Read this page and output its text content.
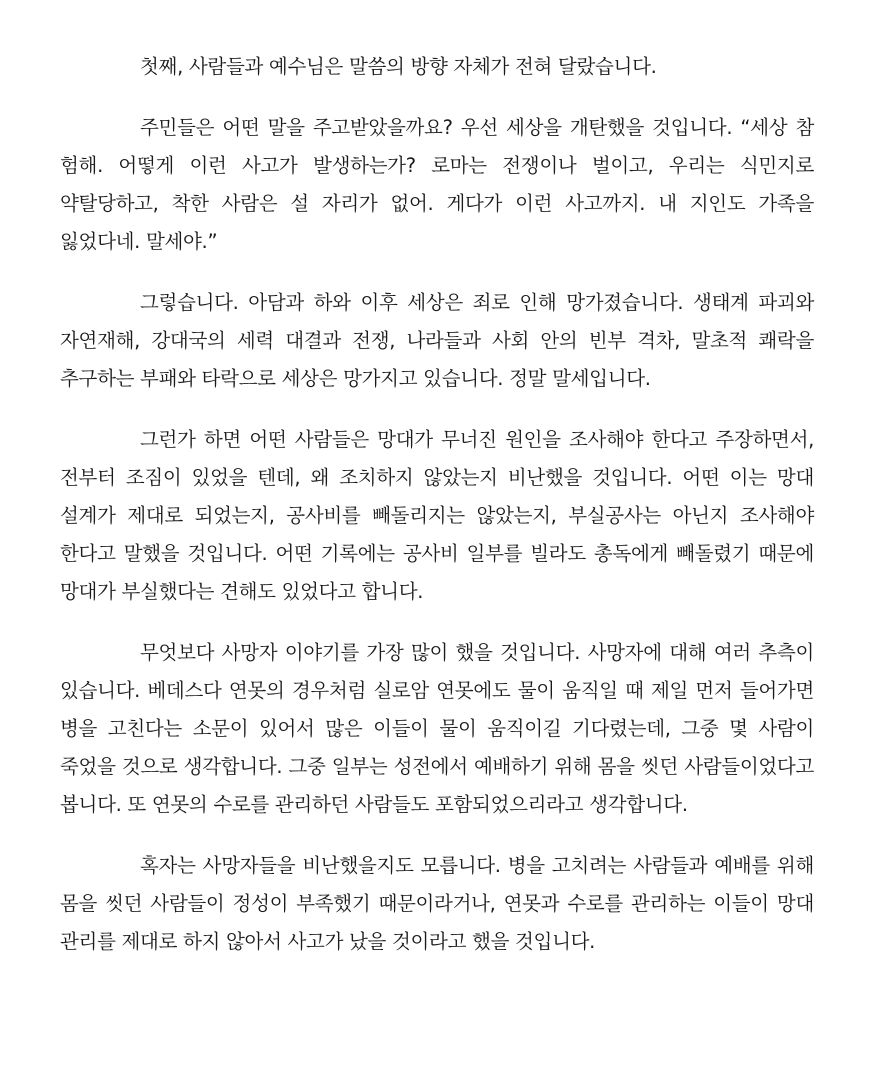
첫째, 사람들과 예수님은 말씀의 방향 자체가 전혀 달랐습니다.

주민들은 어떤 말을 주고받았을까요? 우선 세상을 개탄했을 것입니다. “세상 참 험해. 어떻게 이런 사고가 발생하는가? 로마는 전쟁이나 벌이고, 우리는 식민지로 약탈당하고, 착한 사람은 설 자리가 없어. 게다가 이런 사고까지. 내 지인도 가족을 잃었다네. 말세야.”

그렇습니다. 아담과 하와 이후 세상은 죄로 인해 망가졌습니다. 생태계 파괴와 자연재해, 강대국의 세력 대결과 전쟁, 나라들과 사회 안의 빈부 격차, 말초적 쾌락을 추구하는 부패와 타락으로 세상은 망가지고 있습니다. 정말 말세입니다.

그런가 하면 어떤 사람들은 망대가 무너진 원인을 조사해야 한다고 주장하면서, 전부터 조짐이 있었을 텐데, 왜 조치하지 않았는지 비난했을 것입니다. 어떤 이는 망대 설계가 제대로 되었는지, 공사비를 빼돌리지는 않았는지, 부실공사는 아닌지 조사해야 한다고 말했을 것입니다. 어떤 기록에는 공사비 일부를 빌라도 총독에게 빼돌렸기 때문에 망대가 부실했다는 견해도 있었다고 합니다.

무엇보다 사망자 이야기를 가장 많이 했을 것입니다. 사망자에 대해 여러 추측이 있습니다. 베데스다 연못의 경우처럼 실로암 연못에도 물이 움직일 때 제일 먼저 들어가면 병을 고친다는 소문이 있어서 많은 이들이 물이 움직이길 기다렸는데, 그중 몇 사람이 죽었을 것으로 생각합니다. 그중 일부는 성전에서 예배하기 위해 몸을 씻던 사람들이었다고 봅니다. 또 연못의 수로를 관리하던 사람들도 포함되었으리라고 생각합니다.

혹자는 사망자들을 비난했을지도 모릅니다. 병을 고치려는 사람들과 예배를 위해 몸을 씻던 사람들이 정성이 부족했기 때문이라거나, 연못과 수로를 관리하는 이들이 망대 관리를 제대로 하지 않아서 사고가 났을 것이라고 했을 것입니다.
